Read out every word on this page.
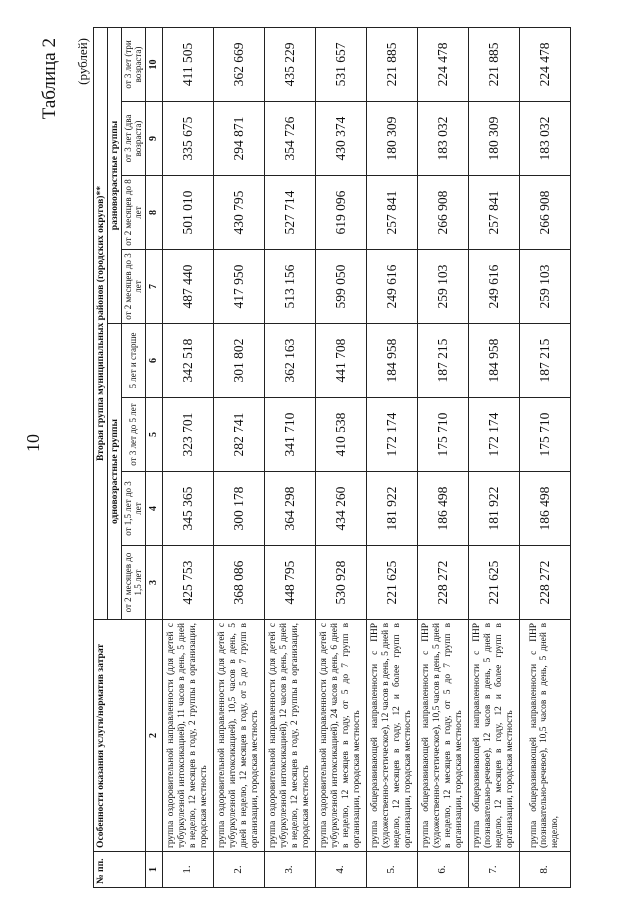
10
Таблица 2 (рублей)
№ пп.	Особенности оказания услуги/норматив затрат	Вторая группа муниципальных районов (городских округов)**							
		одновозрастные группы				разновозрастные группы			
		от 2 месяцев до 1,5 лет	от 1,5 лет до 3 лет	от 3 лет до 5 лет	5 лет и старше	от 2 месяцев до 3 лет	от 2 месяцев до 8 лет	от 3 лет (два возраста)	от 3 лет (три возраста)
1	2	3	4	5	6	7	8	9	10
1.	группа оздоровительной направленности (для детей с тубуркулезной интоксикацией), 11 часов в день, 5 дней в неделю, 12 месяцев в году, 2 группы в организации, городская местность	425 753	345 365	323 701	342 518	487 440	501 010	335 675	411 505
2.	группа оздоровительной направленности (для детей с тубуркулезной интоксикацией), 10,5 часов в день, 5 дней в неделю, 12 месяцев в году, от 5 до 7 групп в организации, городская местность	368 086	300 178	282 741	301 802	417 950	430 795	294 871	362 669
3.	группа оздоровительной направленности (для детей с тубуркулезной интоксикацией), 12 часов в день, 5 дней в неделю, 12 месяцев в году, 2 группы в организации, городская местность	448 795	364 298	341 710	362 163	513 156	527 714	354 726	435 229
4.	группа оздоровительной направленности (для детей с тубуркулезной интоксикацией), 24 часов в день, 6 дней в неделю, 12 месяцев в году, от 5 до 7 групп в организации, городская местность	530 928	434 260	410 538	441 708	599 050	619 096	430 374	531 657
5.	группа общеразвивающей направленности с ПНР (художественно-эстетическое), 12 часов в день, 5 дней в неделю, 12 месяцев в году, 12 и более групп в организации, городская местность	221 625	181 922	172 174	184 958	249 616	257 841	180 309	221 885
6.	группа общеразвивающей направленности с ПНР (художественно-эстетическое), 10,5 часов в день, 5 дней в неделю, 12 месяцев в году, от 5 до 7 групп в организации, городская местность	228 272	186 498	175 710	187 215	259 103	266 908	183 032	224 478
7.	группа общеразвивающей направленности с ПНР (познавательно-речевое), 12 часов в день, 5 дней в неделю, 12 месяцев в году, 12 и более групп в организации, городская местность	221 625	181 922	172 174	184 958	249 616	257 841	180 309	221 885
8.	группа общеразвивающей направленности с ПНР (познавательно-речевое), 10,5 часов в день, 5 дней в неделю,	228 272	186 498	175 710	187 215	259 103	266 908	183 032	224 478
